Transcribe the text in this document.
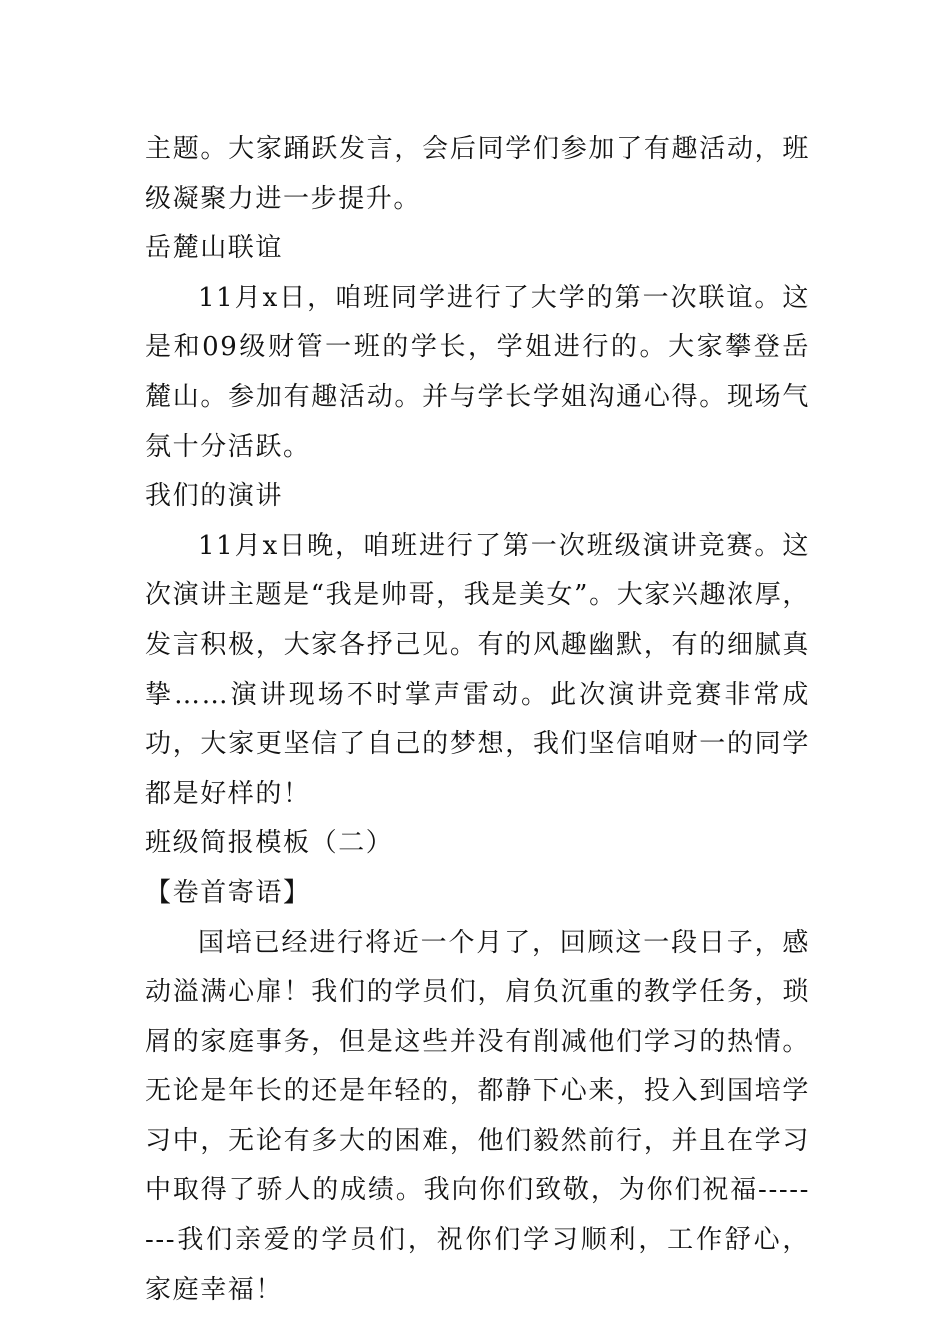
主题。大家踊跃发言，会后同学们参加了有趣活动，班级凝聚力进一步提升。

岳麓山联谊

11月x日，咱班同学进行了大学的第一次联谊。这是和09级财管一班的学长，学姐进行的。大家攀登岳麓山。参加有趣活动。并与学长学姐沟通心得。现场气氛十分活跃。

我们的演讲

11月x日晚，咱班进行了第一次班级演讲竞赛。这次演讲主题是“我是帅哥，我是美女”。大家兴趣浓厚，发言积极，大家各抒己见。有的风趣幽默，有的细腻真挚……演讲现场不时掌声雷动。此次演讲竞赛非常成功，大家更坚信了自己的梦想，我们坚信咱财一的同学都是好样的！

班级简报模板（二）

【卷首寄语】

国培已经进行将近一个月了，回顾这一段日子，感动溢满心扉！我们的学员们，肩负沉重的教学任务，琐屑的家庭事务，但是这些并没有削减他们学习的热情。无论是年长的还是年轻的，都静下心来，投入到国培学习中，无论有多大的困难，他们毅然前行，并且在学习中取得了骄人的成绩。我向你们致敬，为你们祝福--------我们亲爱的学员们，祝你们学习顺利，工作舒心，家庭幸福！
